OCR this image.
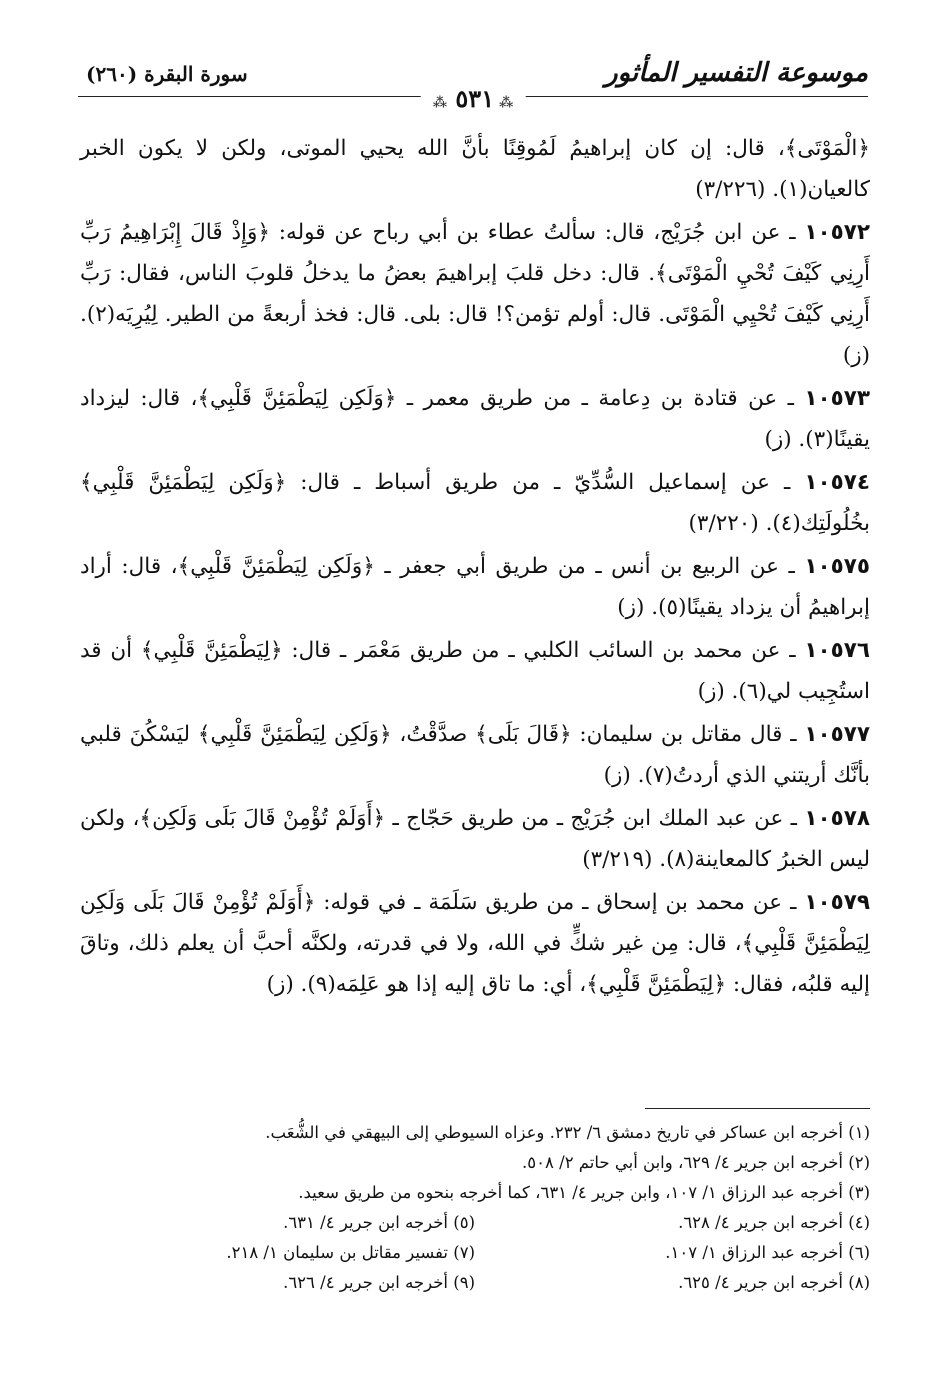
موسوعة التفسير المأثور
سورة البقرة (٢٦٠)
⁂ ٥٣١ ⁂
﴿الْمَوْتَى﴾، قال: إن كان إبراهيمُ لَمُوقِنًا بأنَّ الله يحيي الموتى، ولكن لا يكون الخبر كالعيان(١). (٣/٢٢٦)
١٠٥٧٢ ـ عن ابن جُرَيْج، قال: سألتُ عطاء بن أبي رباح عن قوله: ﴿وَإِذْ قَالَ إِبْرَاهِيمُ رَبِّ أَرِنِي كَيْفَ تُحْيِ الْمَوْتَى﴾. قال: دخل قلبَ إبراهيمَ بعضُ ما يدخلُ قلوبَ الناس، فقال: رَبِّ أَرِنِي كَيْفَ تُحْيِي الْمَوْتَى. قال: أولم تؤمن؟! قال: بلى. قال: فخذ أربعةً من الطير. لِيُرِيَه(٢). (ز)
١٠٥٧٣ ـ عن قتادة بن دِعامة ـ من طريق معمر ـ ﴿وَلَكِن لِيَطْمَئِنَّ قَلْبِي﴾، قال: ليزداد يقينًا(٣). (ز)
١٠٥٧٤ ـ عن إسماعيل السُّدِّيّ ـ من طريق أسباط ـ قال: ﴿وَلَكِن لِيَطْمَئِنَّ قَلْبِي﴾ بخُلُولَتِك(٤). (٣/٢٢٠)
١٠٥٧٥ ـ عن الربيع بن أنس ـ من طريق أبي جعفر ـ ﴿وَلَكِن لِيَطْمَئِنَّ قَلْبِي﴾، قال: أراد إبراهيمُ أن يزداد يقينًا(٥). (ز)
١٠٥٧٦ ـ عن محمد بن السائب الكلبي ـ من طريق مَعْمَر ـ قال: ﴿لِيَطْمَئِنَّ قَلْبِي﴾ أن قد استُجِيب لي(٦). (ز)
١٠٥٧٧ ـ قال مقاتل بن سليمان: ﴿قَالَ بَلَى﴾ صدَّقْتُ، ﴿وَلَكِن لِيَطْمَئِنَّ قَلْبِي﴾ ليَسْكُنَ قلبي بأنَّك أريتني الذي أردتُ(٧). (ز)
١٠٥٧٨ ـ عن عبد الملك ابن جُرَيْج ـ من طريق حَجّاج ـ ﴿أَوَلَمْ تُؤْمِنْ قَالَ بَلَى وَلَكِن﴾، ولكن ليس الخبرُ كالمعاينة(٨). (٣/٢١٩)
١٠٥٧٩ ـ عن محمد بن إسحاق ـ من طريق سَلَمَة ـ في قوله: ﴿أَوَلَمْ تُؤْمِنْ قَالَ بَلَى وَلَكِن لِيَطْمَئِنَّ قَلْبِي﴾، قال: مِن غير شكٍّ في الله، ولا في قدرته، ولكنَّه أحبَّ أن يعلم ذلك، وتاقَ إليه قلبُه، فقال: ﴿لِيَطْمَئِنَّ قَلْبِي﴾، أي: ما تاق إليه إذا هو عَلِمَه(٩). (ز)
(١) أخرجه ابن عساكر في تاريخ دمشق ٦/ ٢٣٢. وعزاه السيوطي إلى البيهقي في الشُّعَب.
(٢) أخرجه ابن جرير ٤/ ٦٢٩، وابن أبي حاتم ٢/ ٥٠٨.
(٣) أخرجه عبد الرزاق ١/ ١٠٧، وابن جرير ٤/ ٦٣١، كما أخرجه بنحوه من طريق سعيد.
(٤) أخرجه ابن جرير ٤/ ٦٢٨.
(٥) أخرجه ابن جرير ٤/ ٦٣١.
(٦) أخرجه عبد الرزاق ١/ ١٠٧.
(٧) تفسير مقاتل بن سليمان ١/ ٢١٨.
(٨) أخرجه ابن جرير ٤/ ٦٢٥.
(٩) أخرجه ابن جرير ٤/ ٦٢٦.
